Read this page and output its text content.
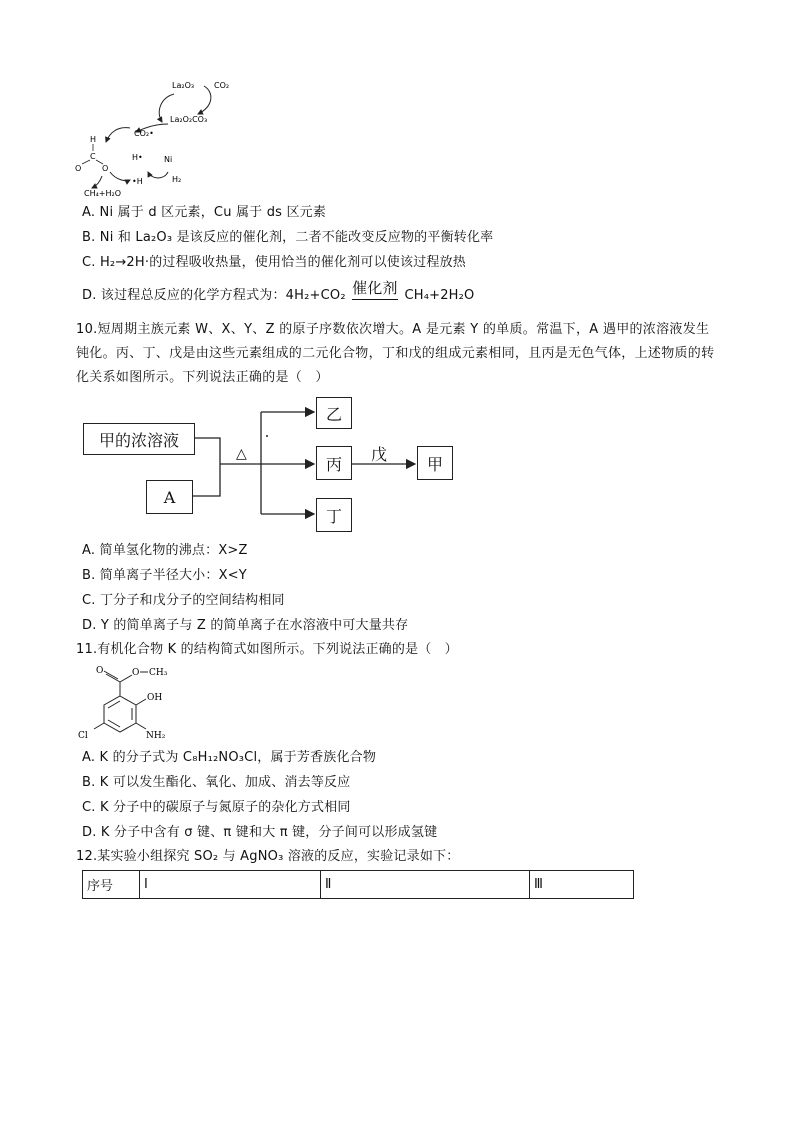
La₂O₃ CO₂
La₂O₂CO₃
CO₂•
H
C
O	O
H•	Ni
•H	H₂
CH₄+H₂O
A. Ni 属于 d 区元素，Cu 属于 ds 区元素
B. Ni 和 La₂O₃ 是该反应的催化剂，二者不能改变反应物的平衡转化率
C. H₂→2H·的过程吸收热量，使用恰当的催化剂可以使该过程放热
D. 该过程总反应的化学方程式为：4H₂+CO₂ 催化剂 CH₄+2H₂O
10.短周期主族元素 W、X、Y、Z 的原子序数依次增大。A 是元素 Y 的单质。常温下，A 遇甲的浓溶液发生钝化。丙、丁、戊是由这些元素组成的二元化合物，丁和戊的组成元素相同，且丙是无色气体，上述物质的转化关系如图所示。下列说法正确的是（　）
甲的浓溶液
A
乙
丙	甲
丁
△	戊
A. 简单氢化物的沸点：X>Z
B. 简单离子半径大小：X<Y
C. 丁分子和戊分子的空间结构相同
D. Y 的简单离子与 Z 的简单离子在水溶液中可大量共存
11.有机化合物 K 的结构简式如图所示。下列说法正确的是（　）
O	O CH₃
OH
Cl	NH₂
A. K 的分子式为 C₈H₁₂NO₃Cl，属于芳香族化合物
B. K 可以发生酯化、氧化、加成、消去等反应
C. K 分子中的碳原子与氮原子的杂化方式相同
D. K 分子中含有 σ 键、π 键和大 π 键，分子间可以形成氢键
12.某实验小组探究 SO₂ 与 AgNO₃ 溶液的反应，实验记录如下：
序号	Ⅰ	Ⅱ	Ⅲ
